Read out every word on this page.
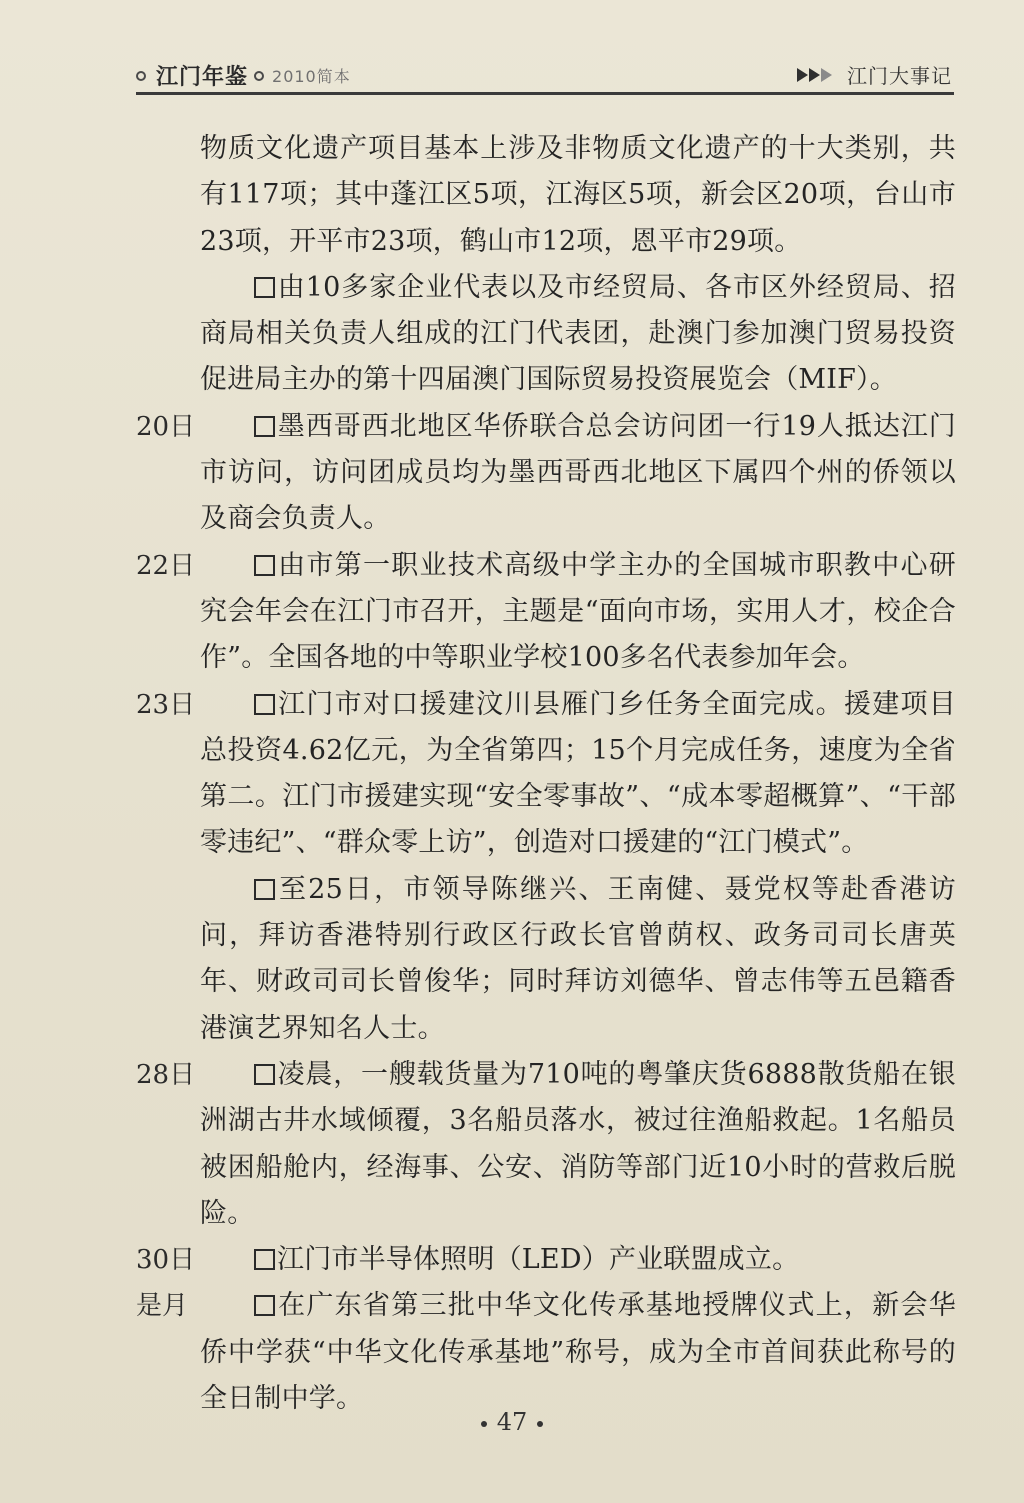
江门年鉴 2010简本	江门大事记
物质文化遗产项目基本上涉及非物质文化遗产的十大类别，共有117项；其中蓬江区5项，江海区5项，新会区20项，台山市23项，开平市23项，鹤山市12项，恩平市29项。
由10多家企业代表以及市经贸局、各市区外经贸局、招商局相关负责人组成的江门代表团，赴澳门参加澳门贸易投资促进局主办的第十四届澳门国际贸易投资展览会（MIF）。
20日	墨西哥西北地区华侨联合总会访问团一行19人抵达江门市访问，访问团成员均为墨西哥西北地区下属四个州的侨领以及商会负责人。
22日	由市第一职业技术高级中学主办的全国城市职教中心研究会年会在江门市召开，主题是“面向市场，实用人才，校企合作”。全国各地的中等职业学校100多名代表参加年会。
23日	江门市对口援建汶川县雁门乡任务全面完成。援建项目总投资4.62亿元，为全省第四；15个月完成任务，速度为全省第二。江门市援建实现“安全零事故”、“成本零超概算”、“干部零违纪”、“群众零上访”，创造对口援建的“江门模式”。
至25日，市领导陈继兴、王南健、聂党权等赴香港访问，拜访香港特别行政区行政长官曾荫权、政务司司长唐英年、财政司司长曾俊华；同时拜访刘德华、曾志伟等五邑籍香港演艺界知名人士。
28日	凌晨，一艘载货量为710吨的粤肇庆货6888散货船在银洲湖古井水域倾覆，3名船员落水，被过往渔船救起。1名船员被困船舱内，经海事、公安、消防等部门近10小时的营救后脱险。
30日	江门市半导体照明（LED）产业联盟成立。
是月	在广东省第三批中华文化传承基地授牌仪式上，新会华侨中学获“中华文化传承基地”称号，成为全市首间获此称号的全日制中学。
47
